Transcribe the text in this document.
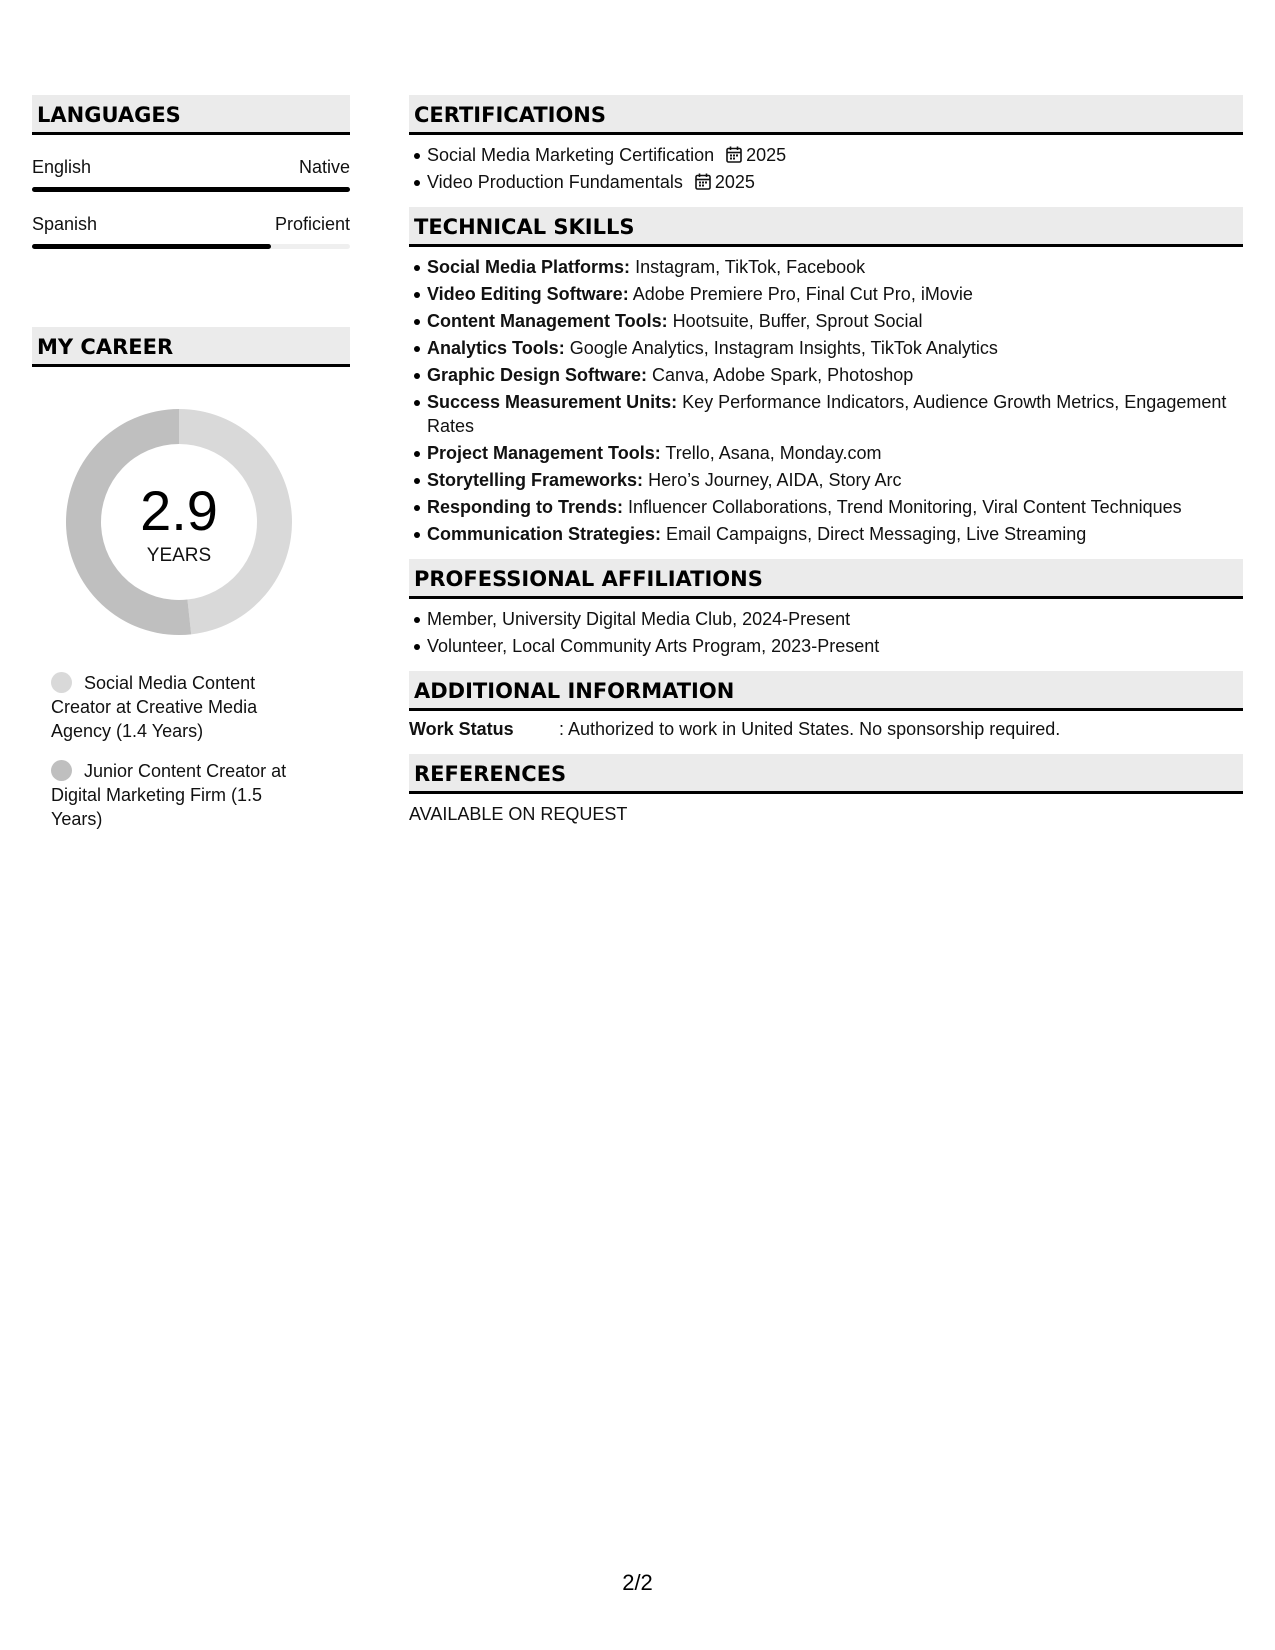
LANGUAGES
English	Native
Spanish	Proficient
MY CAREER
2.9
YEARS
Social Media Content Creator at Creative Media Agency (1.4 Years)
Junior Content Creator at Digital Marketing Firm (1.5 Years)
CERTIFICATIONS
Social Media Marketing Certification 2025
Video Production Fundamentals 2025
TECHNICAL SKILLS
Social Media Platforms: Instagram, TikTok, Facebook
Video Editing Software: Adobe Premiere Pro, Final Cut Pro, iMovie
Content Management Tools: Hootsuite, Buffer, Sprout Social
Analytics Tools: Google Analytics, Instagram Insights, TikTok Analytics
Graphic Design Software: Canva, Adobe Spark, Photoshop
Success Measurement Units: Key Performance Indicators, Audience Growth Metrics, Engagement Rates
Project Management Tools: Trello, Asana, Monday.com
Storytelling Frameworks: Hero’s Journey, AIDA, Story Arc
Responding to Trends: Influencer Collaborations, Trend Monitoring, Viral Content Techniques
Communication Strategies: Email Campaigns, Direct Messaging, Live Streaming
PROFESSIONAL AFFILIATIONS
Member, University Digital Media Club, 2024-Present
Volunteer, Local Community Arts Program, 2023-Present
ADDITIONAL INFORMATION
Work Status	: Authorized to work in United States. No sponsorship required.
REFERENCES
AVAILABLE ON REQUEST
2/2
